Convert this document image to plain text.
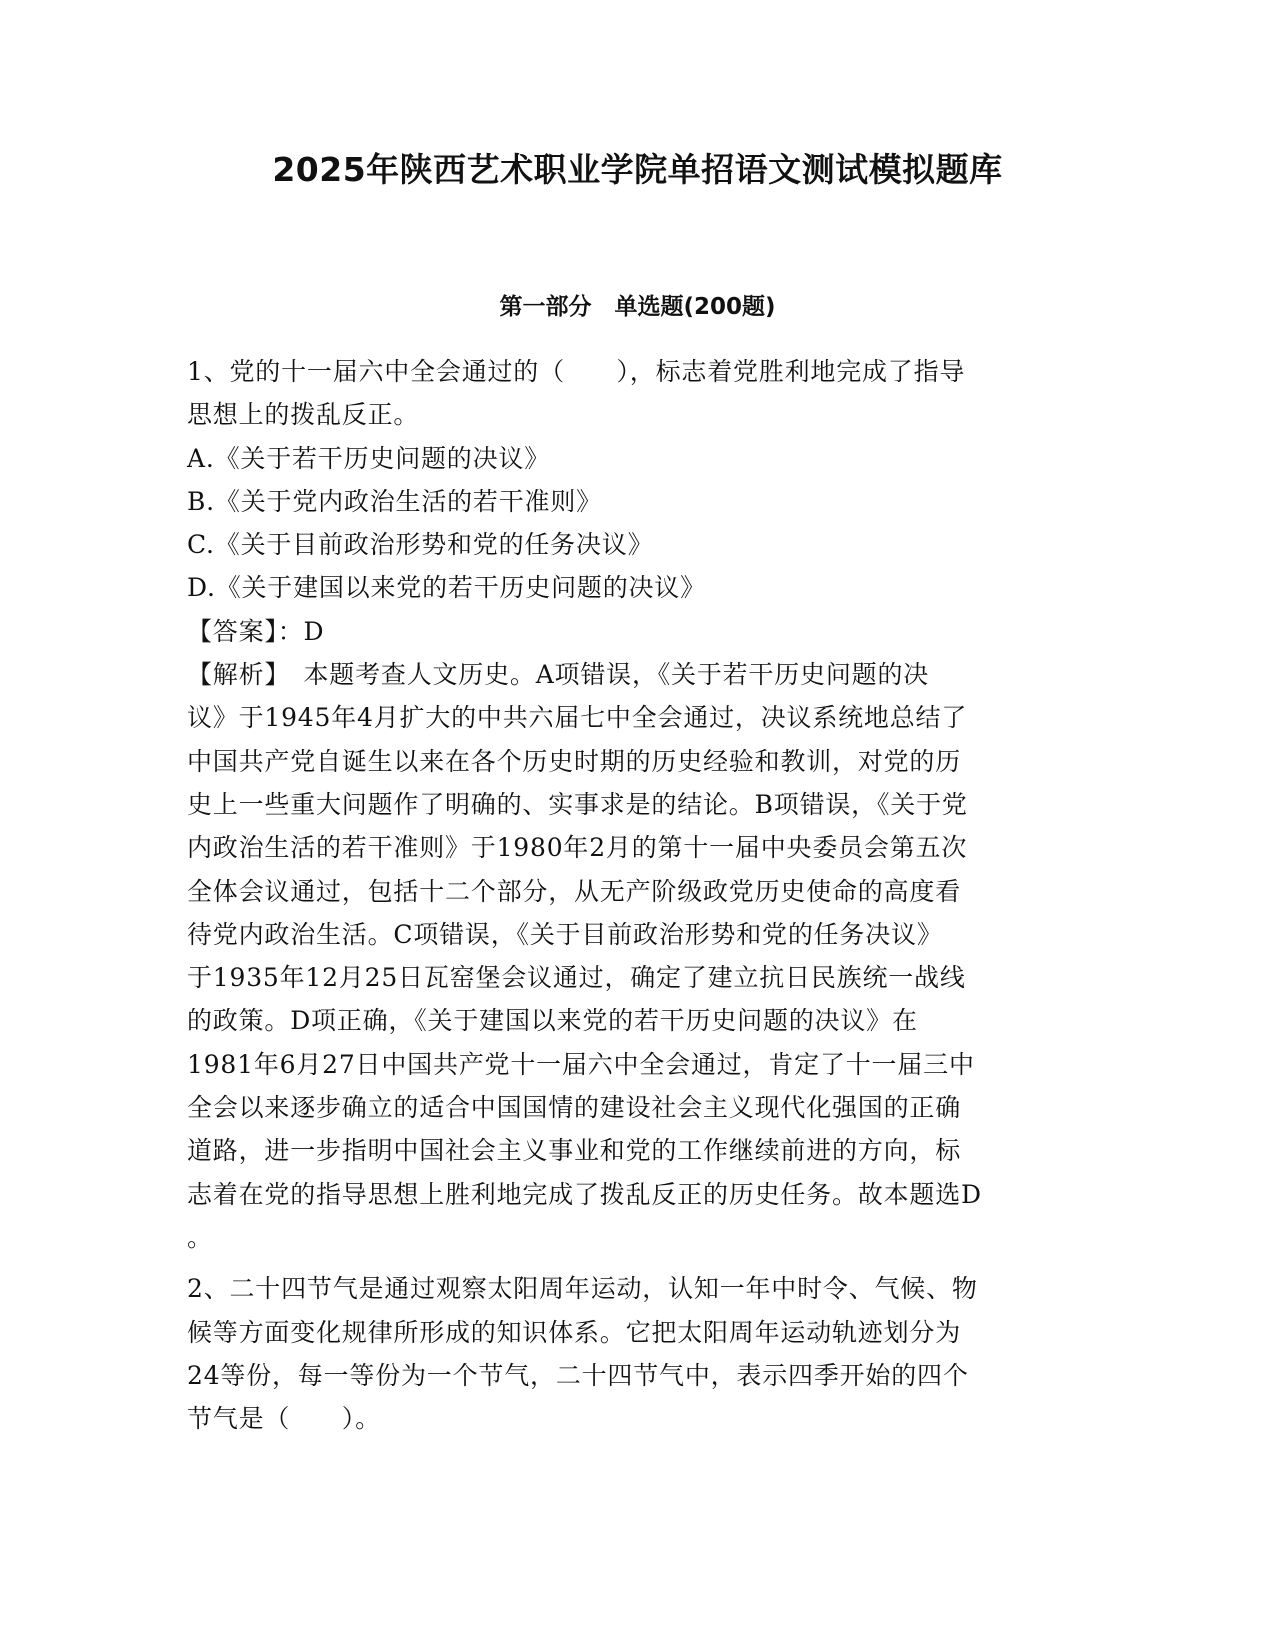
2025年陕西艺术职业学院单招语文测试模拟题库
第一部分　单选题(200题)
1、党的十一届六中全会通过的（　　），标志着党胜利地完成了指导
思想上的拨乱反正。
A.《关于若干历史问题的决议》
B.《关于党内政治生活的若干准则》
C.《关于目前政治形势和党的任务决议》
D.《关于建国以来党的若干历史问题的决议》
【答案】：D
【解析】　本题考查人文历史。A项错误，《关于若干历史问题的决
议》于1945年4月扩大的中共六届七中全会通过，决议系统地总结了
中国共产党自诞生以来在各个历史时期的历史经验和教训，对党的历
史上一些重大问题作了明确的、实事求是的结论。B项错误，《关于党
内政治生活的若干准则》于1980年2月的第十一届中央委员会第五次
全体会议通过，包括十二个部分，从无产阶级政党历史使命的高度看
待党内政治生活。C项错误，《关于目前政治形势和党的任务决议》
于1935年12月25日瓦窑堡会议通过，确定了建立抗日民族统一战线
的政策。D项正确，《关于建国以来党的若干历史问题的决议》在
1981年6月27日中国共产党十一届六中全会通过，肯定了十一届三中
全会以来逐步确立的适合中国国情的建设社会主义现代化强国的正确
道路，进一步指明中国社会主义事业和党的工作继续前进的方向，标
志着在党的指导思想上胜利地完成了拨乱反正的历史任务。故本题选D
。
2、二十四节气是通过观察太阳周年运动，认知一年中时令、气候、物
候等方面变化规律所形成的知识体系。它把太阳周年运动轨迹划分为
24等份，每一等份为一个节气，二十四节气中，表示四季开始的四个
节气是（　　）。
